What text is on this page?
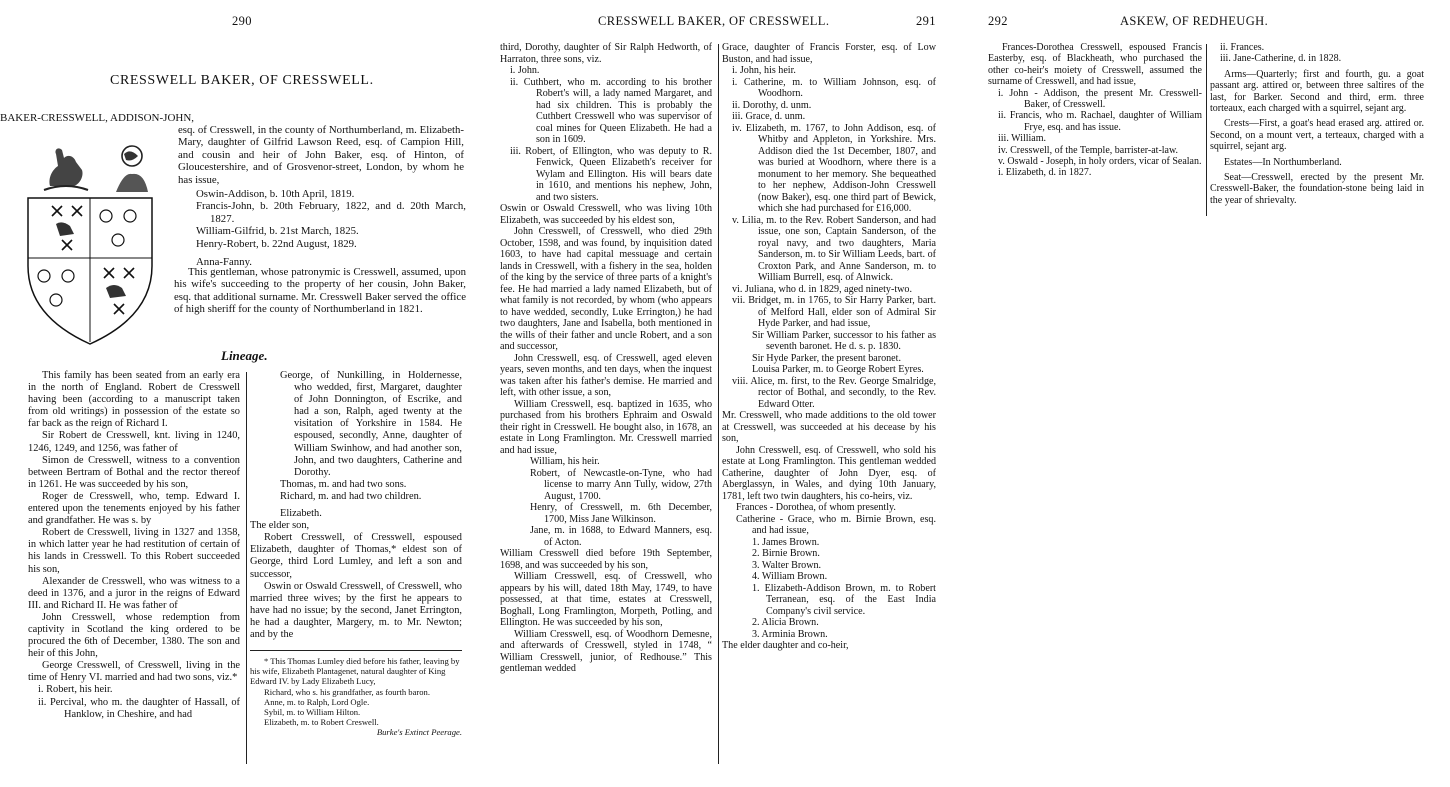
290
CRESSWELL BAKER, OF CRESSWELL.
BAKER-CRESSWELL, ADDISON-JOHN,
esq. of Cresswell, in the county of Northumberland, m. Elizabeth-Mary, daughter of Gilfrid Lawson Reed, esq. of Campion Hill, and cousin and heir of John Baker, esq. of Hinton, of Gloucestershire, and of Grosvenor-street, London, by whom he has issue,

Oswin-Addison, b. 10th April, 1819.

Francis-John, b. 20th February, 1822, and d. 20th March, 1827.

William-Gilfrid, b. 21st March, 1825.

Henry-Robert, b. 22nd August, 1829.

Anna-Fanny.

This gentleman, whose patronymic is Cresswell, assumed, upon his wife's succeeding to the property of her cousin, John Baker, esq. that additional surname. Mr. Cresswell Baker served the office of high sheriff for the county of Northumberland in 1821.

Lineage.

This family has been seated from an early era in the north of England. Robert de Cresswell having been (according to a manuscript taken from old writings) in possession of the estate so far back as the reign of Richard I.

Sir Robert de Cresswell, knt. living in 1240, 1246, 1249, and 1256, was father of

Simon de Cresswell, witness to a convention between Bertram of Bothal and the rector thereof in 1261. He was succeeded by his son,

Roger de Cresswell, who, temp. Edward I. entered upon the tenements enjoyed by his father and grandfather. He was s. by

Robert de Cresswell, living in 1327 and 1358, in which latter year he had restitution of certain of his lands in Cresswell. To this Robert succeeded his son,

Alexander de Cresswell, who was witness to a deed in 1376, and a juror in the reigns of Edward III. and Richard II. He was father of

John Cresswell, whose redemption from captivity in Scotland the king ordered to be procured the 6th of December, 1380. The son and heir of this John,

George Cresswell, of Cresswell, living in the time of Henry VI. married and had two sons, viz.*

i. Robert, his heir.

ii. Percival, who m. the daughter of Hassall, of Hanklow, in Cheshire, and had

George, of Nunkilling, in Holdernesse, who wedded, first, Margaret, daughter of John Donnington, of Escrike, and had a son, Ralph, aged twenty at the visitation of Yorkshire in 1584. He espoused, secondly, Anne, daughter of William Swinhow, and had another son, John, and two daughters, Catherine and Dorothy.

Thomas, m. and had two sons.

Richard, m. and had two children.

Elizabeth.

The elder son,

Robert Cresswell, of Cresswell, espoused Elizabeth, daughter of Thomas,* eldest son of George, third Lord Lumley, and left a son and successor,

Oswin or Oswald Cresswell, of Cresswell, who married three wives; by the first he appears to have had no issue; by the second, Janet Errington, he had a daughter, Margery, m. to Mr. Newton; and by the

* This Thomas Lumley died before his father, leaving by his wife, Elizabeth Plantagenet, natural daughter of King Edward IV. by Lady Elizabeth Lucy,

Richard, who s. his grandfather, as fourth baron.

Anne, m. to Ralph, Lord Ogle.

Sybil, m. to William Hilton.

Elizabeth, m. to Robert Creswell.

Burke's Extinct Peerage.

CRESSWELL BAKER, OF CRESSWELL.	291

third, Dorothy, daughter of Sir Ralph Hedworth, of Harraton, three sons, viz.

i. John.

ii. Cuthbert, who m. according to his brother Robert's will, a lady named Margaret, and had six children. This is probably the Cuthbert Cresswell who was supervisor of coal mines for Queen Elizabeth. He had a son in 1609.

iii. Robert, of Ellington, who was deputy to R. Fenwick, Queen Elizabeth's receiver for Wylam and Ellington. His will bears date in 1610, and mentions his nephew, John, and two sisters.

Oswin or Oswald Cresswell, who was living 10th Elizabeth, was succeeded by his eldest son,

John Cresswell, of Cresswell, who died 29th October, 1598, and was found, by inquisition dated 1603, to have had capital messuage and certain lands in Cresswell, with a fishery in the sea, holden of the king by the service of three parts of a knight's fee. He had married a lady named Elizabeth, but of what family is not recorded, by whom (who appears to have wedded, secondly, Luke Errington,) he had two daughters, Jane and Isabella, both mentioned in the wills of their father and uncle Robert, and a son and successor,

John Cresswell, esq. of Cresswell, aged eleven years, seven months, and ten days, when the inquest was taken after his father's demise. He married and left, with other issue, a son,

William Cresswell, esq. baptized in 1635, who purchased from his brothers Ephraim and Oswald their right in Cresswell. He bought also, in 1678, an estate in Long Framlington. Mr. Cresswell married and had issue,

William, his heir.

Robert, of Newcastle-on-Tyne, who had license to marry Ann Tully, widow, 27th August, 1700.

Henry, of Cresswell, m. 6th December, 1700, Miss Jane Wilkinson.

Jane, m. in 1688, to Edward Manners, esq. of Acton.

William Cresswell died before 19th September, 1698, and was succeeded by his son,

William Cresswell, esq. of Cresswell, who appears by his will, dated 18th May, 1749, to have possessed, at that time, estates at Cresswell, Boghall, Long Framlington, Morpeth, Potling, and Ellington. He was succeeded by his son,

William Cresswell, esq. of Woodhorn Demesne, and afterwards of Cresswell, styled in 1748, “ William Cresswell, junior, of Redhouse.” This gentleman wedded

Grace, daughter of Francis Forster, esq. of Low Buston, and had issue,

i. John, his heir.

i. Catherine, m. to William Johnson, esq. of Woodhorn.

ii. Dorothy, d. unm.

iii. Grace, d. unm.

iv. Elizabeth, m. 1767, to John Addison, esq. of Whitby and Appleton, in Yorkshire. Mrs. Addison died the 1st December, 1807, and was buried at Woodhorn, where there is a monument to her memory. She bequeathed to her nephew, Addison-John Cresswell (now Baker), esq. one third part of Bewick, which she had purchased for £16,000.

v. Lilia, m. to the Rev. Robert Sanderson, and had issue, one son, Captain Sanderson, of the royal navy, and two daughters, Maria Sanderson, m. to Sir William Leeds, bart. of Croxton Park, and Anne Sanderson, m. to William Burrell, esq. of Alnwick.

vi. Juliana, who d. in 1829, aged ninety-two.

vii. Bridget, m. in 1765, to Sir Harry Parker, bart. of Melford Hall, elder son of Admiral Sir Hyde Parker, and had issue,

Sir William Parker, successor to his father as seventh baronet. He d. s. p. 1830.

Sir Hyde Parker, the present baronet.

Louisa Parker, m. to George Robert Eyres.

viii. Alice, m. first, to the Rev. George Smalridge, rector of Bothal, and secondly, to the Rev. Edward Otter.

Mr. Cresswell, who made additions to the old tower at Cresswell, was succeeded at his decease by his son,

John Cresswell, esq. of Cresswell, who sold his estate at Long Framlington. This gentleman wedded Catherine, daughter of John Dyer, esq. of Aberglassyn, in Wales, and dying 10th January, 1781, left two twin daughters, his co-heirs, viz.

Frances - Dorothea, of whom presently.

Catherine - Grace, who m. Birnie Brown, esq. and had issue,

1. James Brown.

2. Birnie Brown.

3. Walter Brown.

4. William Brown.

1. Elizabeth-Addison Brown, m. to Robert Terranean, esq. of the East India Company's civil service.

2. Alicia Brown.

3. Arminia Brown.

The elder daughter and co-heir,

292	ASKEW, OF REDHEUGH.

Frances-Dorothea Cresswell, espoused Francis Easterby, esq. of Blackheath, who purchased the other co-heir's moiety of Cresswell, assumed the surname of Cresswell, and had issue,

i. John - Addison, the present Mr. Cresswell-Baker, of Cresswell.

ii. Francis, who m. Rachael, daughter of William Frye, esq. and has issue.

iii. William.

iv. Cresswell, of the Temple, barrister-at-law.

v. Oswald - Joseph, in holy orders, vicar of Sealan.

i. Elizabeth, d. in 1827.

ii. Frances.

iii. Jane-Catherine, d. in 1828.

Arms—Quarterly; first and fourth, gu. a goat passant arg. attired or, between three saltires of the last, for Barker. Second and third, erm. three torteaux, each charged with a squirrel, sejant arg.

Crests—First, a goat's head erased arg. attired or. Second, on a mount vert, a terteaux, charged with a squirrel, sejant arg.

Estates—In Northumberland.

Seat—Cresswell, erected by the present Mr. Cresswell-Baker, the foundation-stone being laid in the year of shrievalty.
